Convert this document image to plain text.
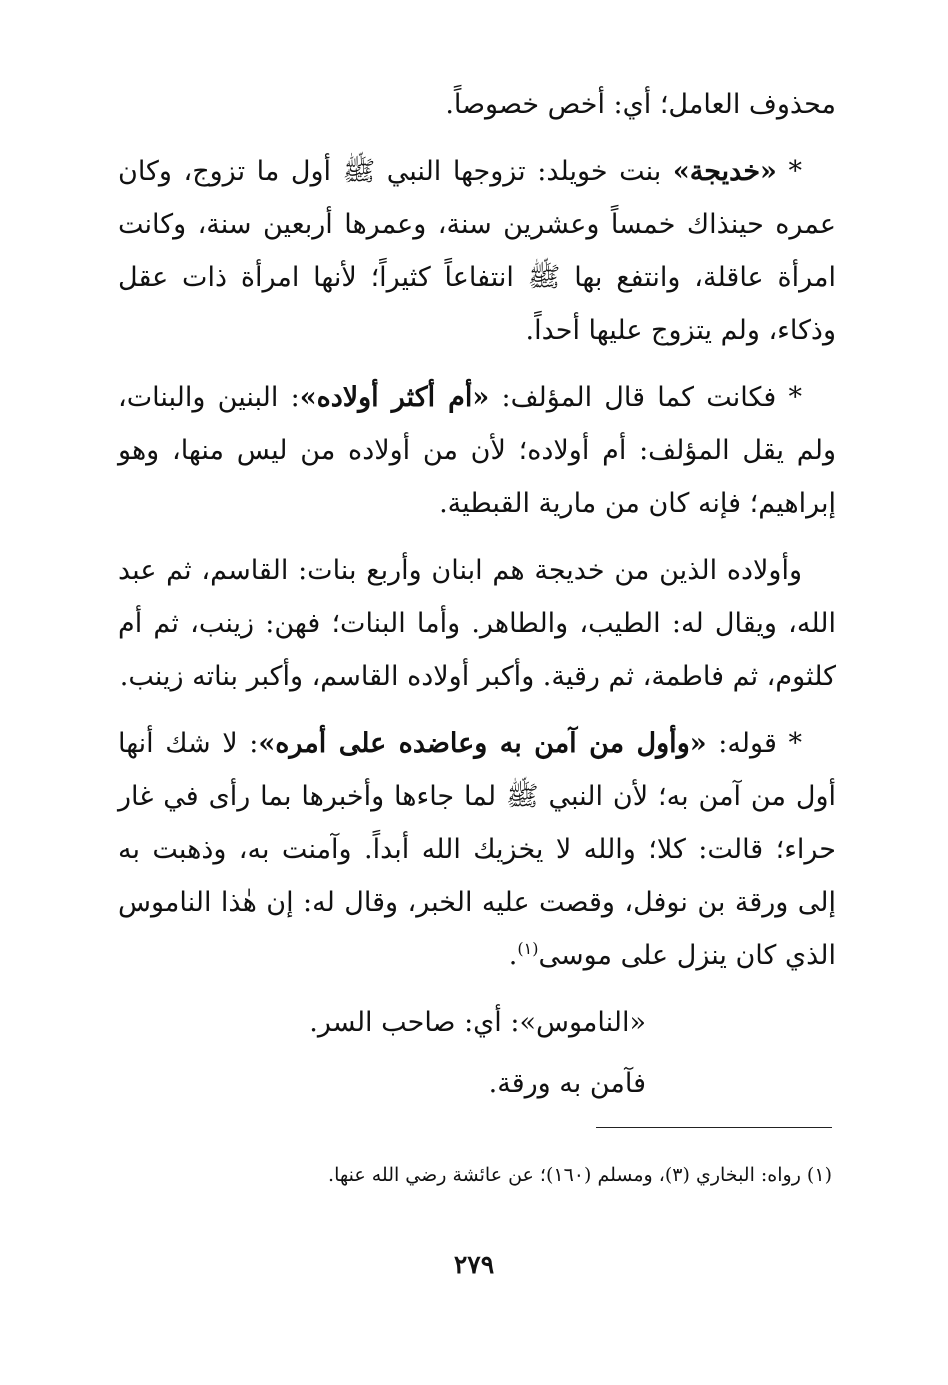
محذوف العامل؛ أي: أخص خصوصاً.

* «خديجة» بنت خويلد: تزوجها النبي ﷺ أول ما تزوج، وكان عمره حينذاك خمساً وعشرين سنة، وعمرها أربعين سنة، وكانت امرأة عاقلة، وانتفع بها ﷺ انتفاعاً كثيراً؛ لأنها امرأة ذات عقل وذكاء، ولم يتزوج عليها أحداً.

* فكانت كما قال المؤلف: «أم أكثر أولاده»: البنين والبنات، ولم يقل المؤلف: أم أولاده؛ لأن من أولاده من ليس منها، وهو إبراهيم؛ فإنه كان من مارية القبطية.

وأولاده الذين من خديجة هم ابنان وأربع بنات: القاسم، ثم عبد الله، ويقال له: الطيب، والطاهر. وأما البنات؛ فهن: زينب، ثم أم كلثوم، ثم فاطمة، ثم رقية. وأكبر أولاده القاسم، وأكبر بناته زينب.

* قوله: «وأول من آمن به وعاضده على أمره»: لا شك أنها أول من آمن به؛ لأن النبي ﷺ لما جاءها وأخبرها بما رأى في غار حراء؛ قالت: كلا؛ والله لا يخزيك الله أبداً. وآمنت به، وذهبت به إلى ورقة بن نوفل، وقصت عليه الخبر، وقال له: إن هٰذا الناموس الذي كان ينزل على موسى$^{(١)}$.

«الناموس»: أي: صاحب السر.

فآمن به ورقة.

(١) رواه: البخاري (٣)، ومسلم (١٦٠)؛ عن عائشة رضي الله عنها.
٢٧٩
